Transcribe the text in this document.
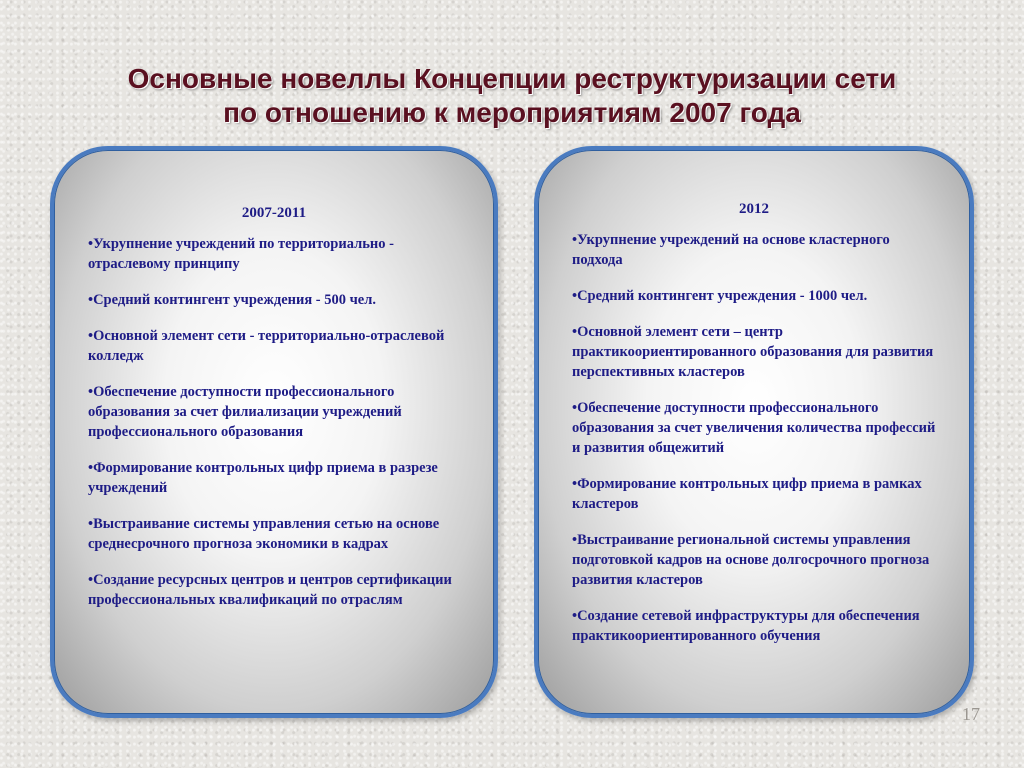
Основные новеллы Концепции реструктуризации сети
по отношению к мероприятиям 2007 года
2007-2011
• Укрупнение учреждений по территориально - отраслевому принципу
• Средний контингент учреждения - 500 чел.
• Основной элемент сети - территориально-отраслевой колледж
• Обеспечение доступности профессионального образования за счет филиализации учреждений профессионального образования
• Формирование контрольных цифр приема в разрезе учреждений
• Выстраивание системы управления сетью на основе среднесрочного прогноза экономики в кадрах
• Создание ресурсных центров и центров сертификации профессиональных квалификаций по отраслям
2012
• Укрупнение учреждений на основе кластерного подхода
• Средний контингент учреждения - 1000 чел.
• Основной элемент сети – центр практикоориентированного образования для развития перспективных кластеров
• Обеспечение доступности профессионального образования за счет увеличения количества профессий и развития общежитий
• Формирование контрольных цифр приема в рамках кластеров
• Выстраивание региональной системы управления подготовкой кадров на основе долгосрочного прогноза развития кластеров
• Создание сетевой инфраструктуры для обеспечения практикоориентированного обучения
17
